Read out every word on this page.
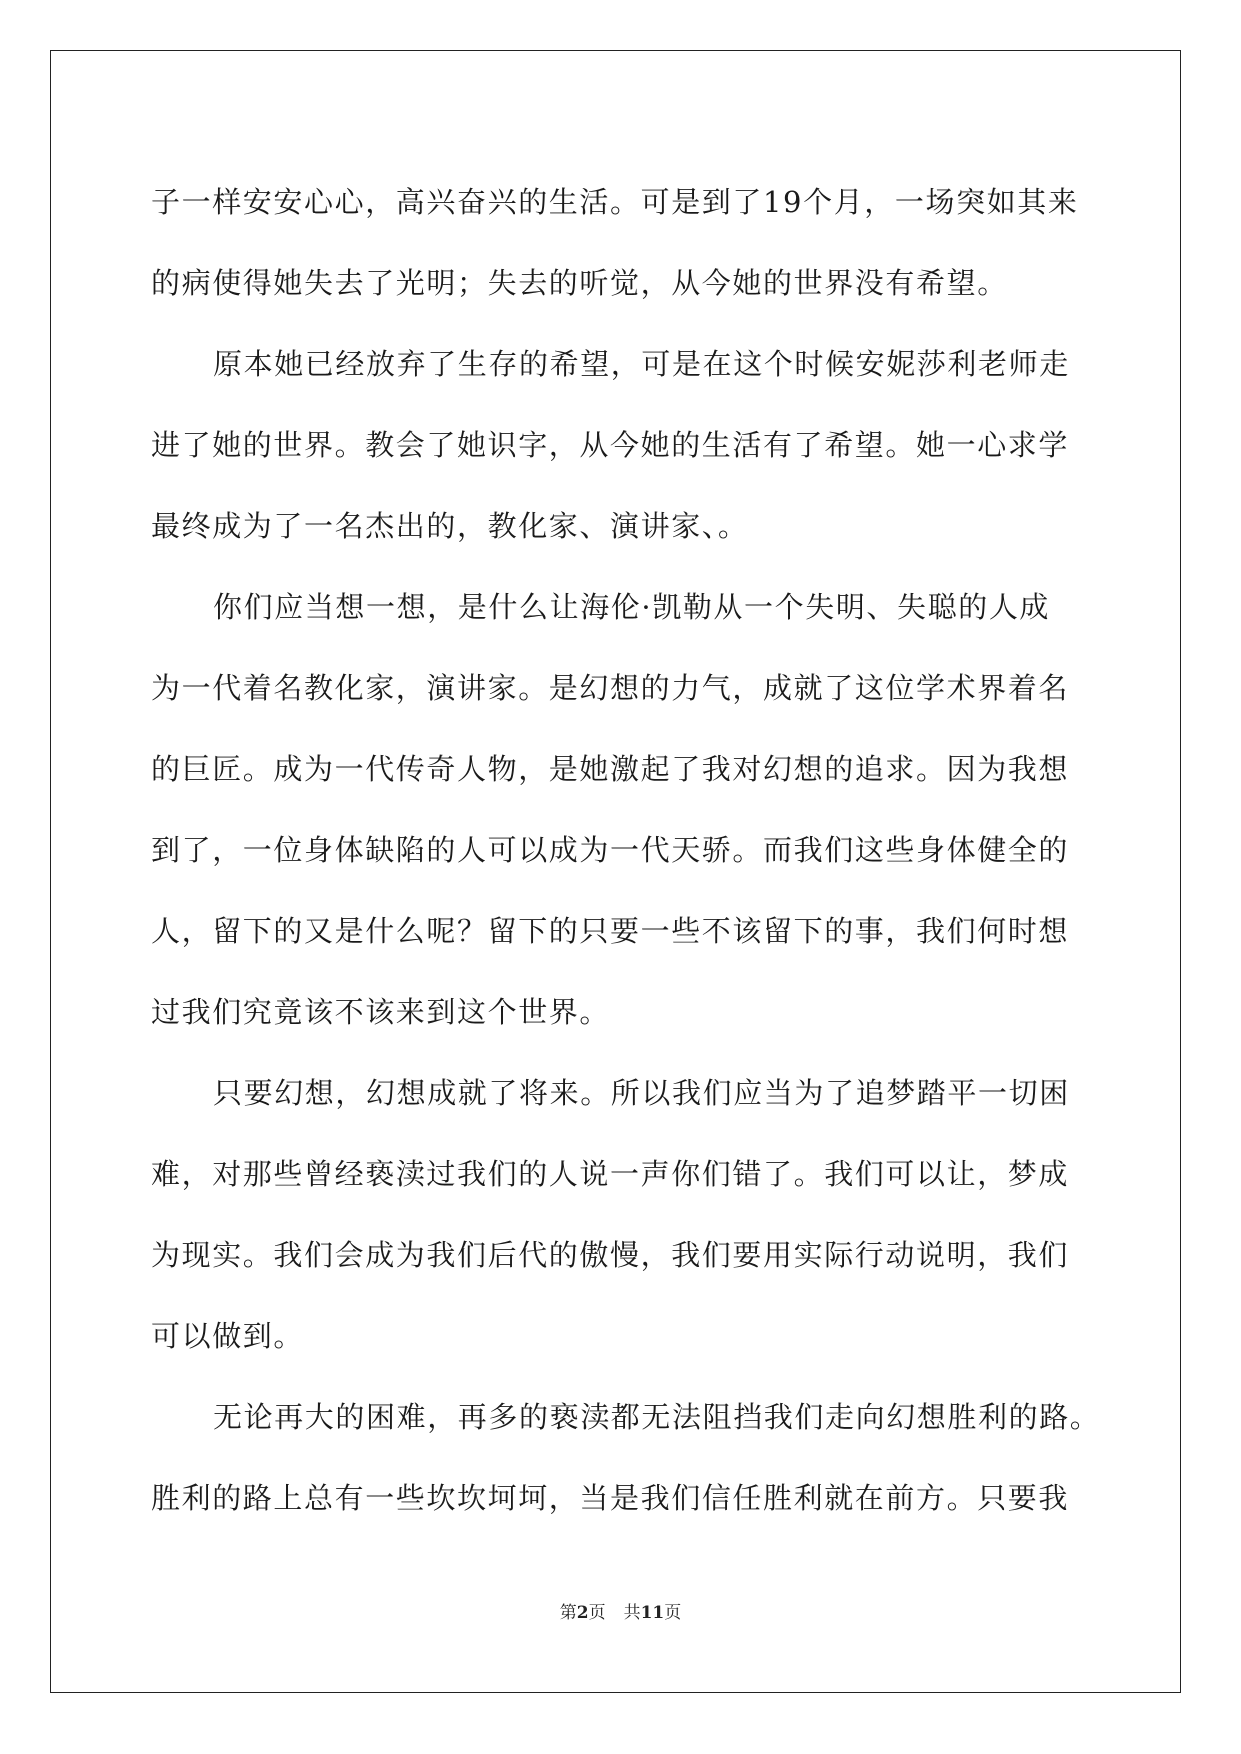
子一样安安心心，高兴奋兴的生活。可是到了19个月，一场突如其来
的病使得她失去了光明；失去的听觉，从今她的世界没有希望。
原本她已经放弃了生存的希望，可是在这个时候安妮莎利老师走
进了她的世界。教会了她识字，从今她的生活有了希望。她一心求学
最终成为了一名杰出的，教化家、演讲家、。
你们应当想一想，是什么让海伦·凯勒从一个失明、失聪的人成
为一代着名教化家，演讲家。是幻想的力气，成就了这位学术界着名
的巨匠。成为一代传奇人物，是她激起了我对幻想的追求。因为我想
到了，一位身体缺陷的人可以成为一代天骄。而我们这些身体健全的
人，留下的又是什么呢？留下的只要一些不该留下的事，我们何时想
过我们究竟该不该来到这个世界。
只要幻想，幻想成就了将来。所以我们应当为了追梦踏平一切困
难，对那些曾经亵渎过我们的人说一声你们错了。我们可以让，梦成
为现实。我们会成为我们后代的傲慢，我们要用实际行动说明，我们
可以做到。
无论再大的困难，再多的亵渎都无法阻挡我们走向幻想胜利的路。
胜利的路上总有一些坎坎坷坷，当是我们信任胜利就在前方。只要我
第2页 共11页
